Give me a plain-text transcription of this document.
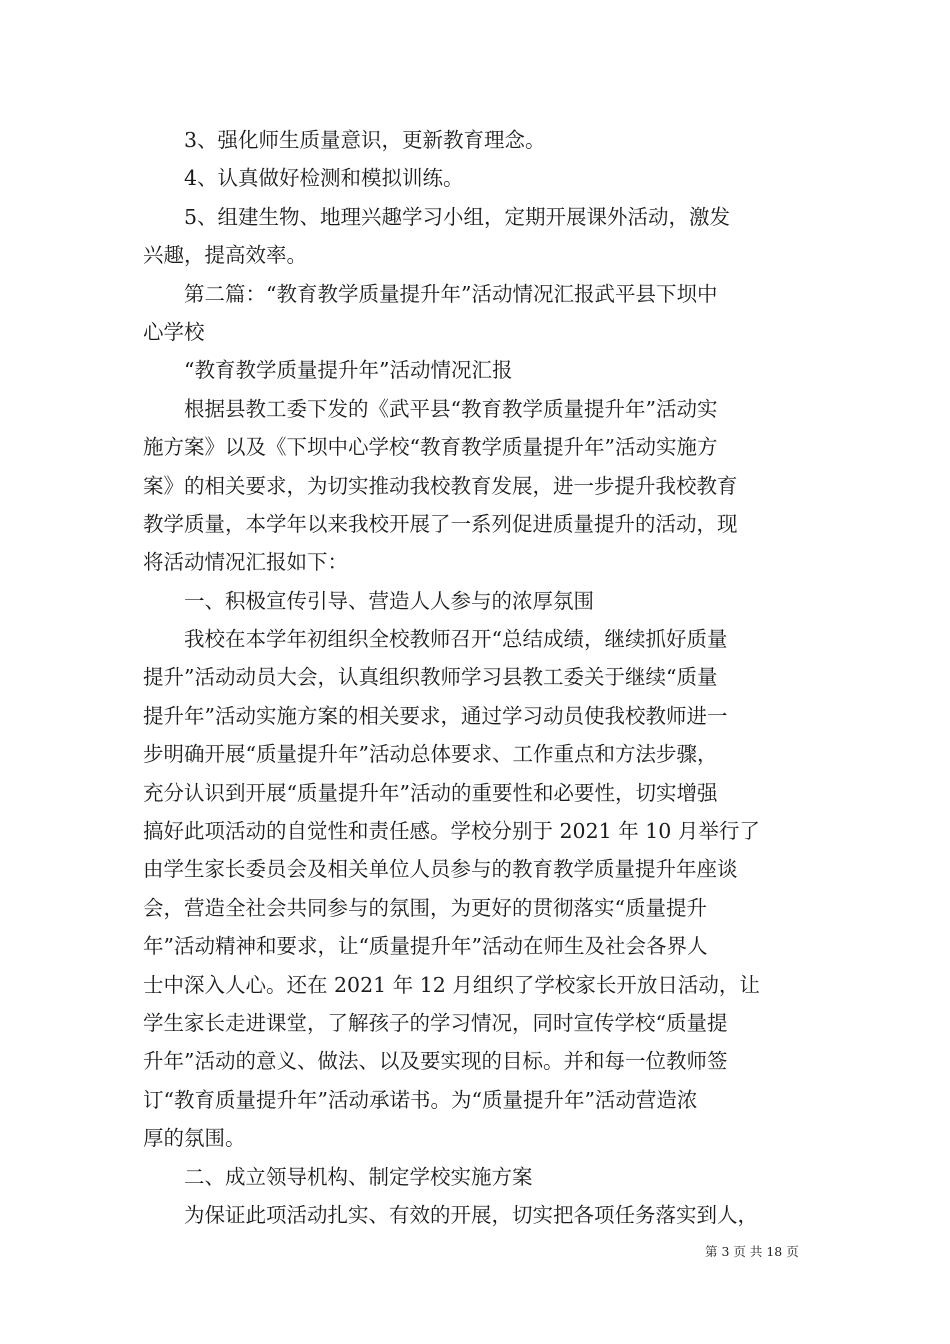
　　3、强化师生质量意识，更新教育理念。
　　4、认真做好检测和模拟训练。
　　5、组建生物、地理兴趣学习小组，定期开展课外活动，激发
兴趣，提高效率。
　　第二篇：“教育教学质量提升年”活动情况汇报武平县下坝中
心学校
　　“教育教学质量提升年”活动情况汇报
　　根据县教工委下发的《武平县“教育教学质量提升年”活动实
施方案》以及《下坝中心学校“教育教学质量提升年”活动实施方
案》的相关要求，为切实推动我校教育发展，进一步提升我校教育
教学质量，本学年以来我校开展了一系列促进质量提升的活动，现
将活动情况汇报如下：
　　一、积极宣传引导、营造人人参与的浓厚氛围
　　我校在本学年初组织全校教师召开“总结成绩，继续抓好质量
提升”活动动员大会，认真组织教师学习县教工委关于继续“质量
提升年”活动实施方案的相关要求，通过学习动员使我校教师进一
步明确开展“质量提升年”活动总体要求、工作重点和方法步骤，
充分认识到开展“质量提升年”活动的重要性和必要性，切实增强
搞好此项活动的自觉性和责任感。学校分别于 2021 年 10 月举行了
由学生家长委员会及相关单位人员参与的教育教学质量提升年座谈
会，营造全社会共同参与的氛围，为更好的贯彻落实“质量提升
年”活动精神和要求，让“质量提升年”活动在师生及社会各界人
士中深入人心。还在 2021 年 12 月组织了学校家长开放日活动，让
学生家长走进课堂，了解孩子的学习情况，同时宣传学校“质量提
升年”活动的意义、做法、以及要实现的目标。并和每一位教师签
订“教育质量提升年”活动承诺书。为“质量提升年”活动营造浓
厚的氛围。
　　二、成立领导机构、制定学校实施方案
　　为保证此项活动扎实、有效的开展，切实把各项任务落实到人，
第 3 页 共 18 页
